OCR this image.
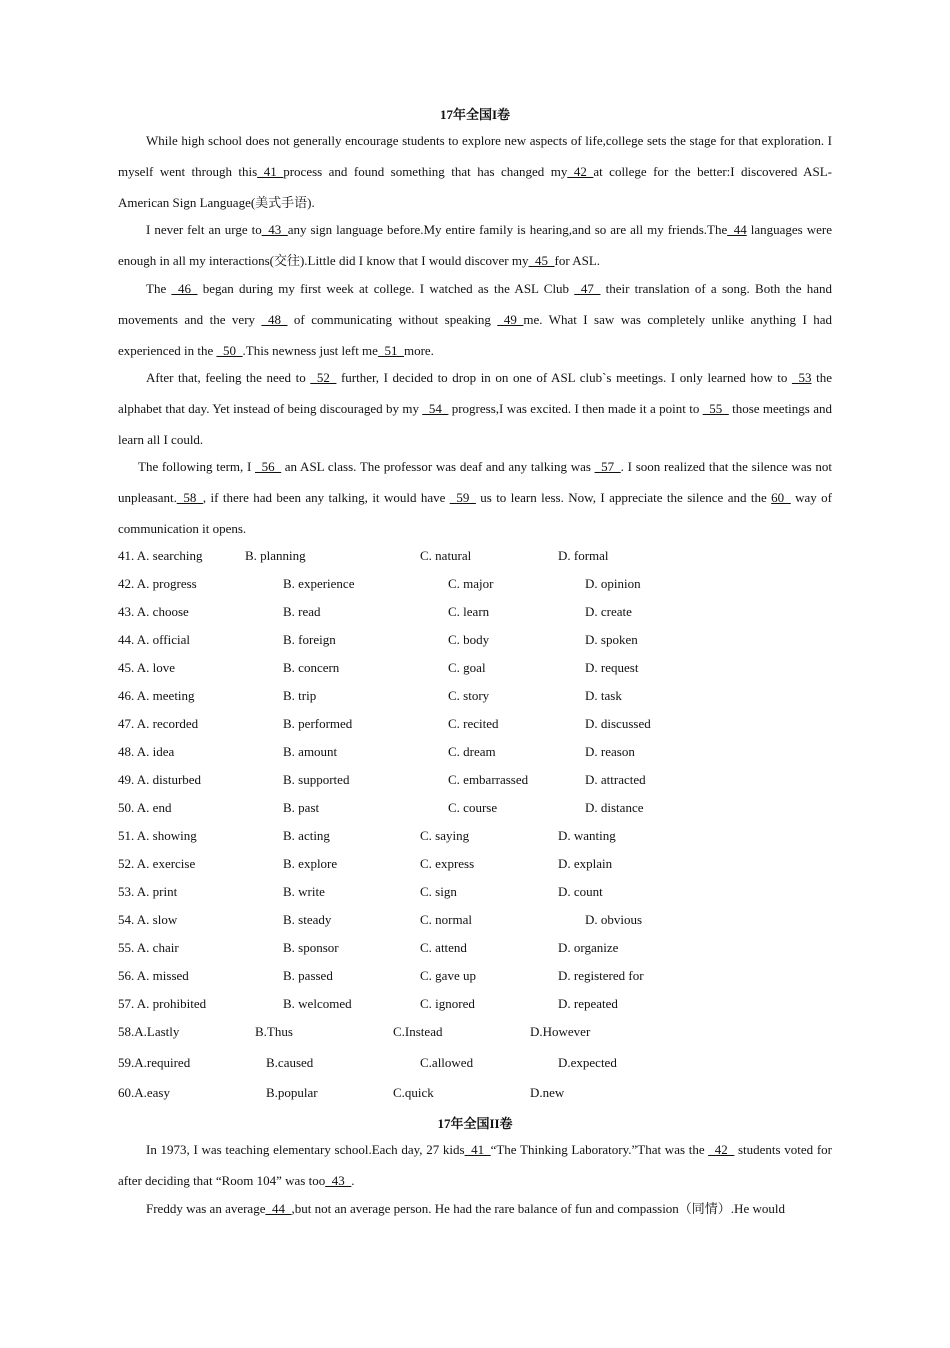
17年全国I卷
While high school does not generally encourage students to explore new aspects of life,college sets the stage for that exploration. I myself went through this_41_process and found something that has changed my_42_at college for the better:I discovered ASL-American Sign Language(美式手语).
I never felt an urge to_43_any sign language before.My entire family is hearing,and so are all my friends.The_44 languages were enough in all my interactions(交往).Little did I know that I would discover my_45_for ASL.
The _46_ began during my first week at college. I watched as the ASL Club _47_ their translation of a song. Both the hand movements and the very _48_ of communicating without speaking _49_me. What I saw was completely unlike anything I had experienced in the _50_.This newness just left me_51_more.
After that, feeling the need to _52_ further, I decided to drop in on one of ASL club`s meetings. I only learned how to _53 the alphabet that day. Yet instead of being discouraged by my _54_ progress,I was excited. I then made it a point to _55_ those meetings and learn all I could.
The following term, I _56_ an ASL class. The professor was deaf and any talking was _57_. I soon realized that the silence was not unpleasant._58_, if there had been any talking, it would have _59_ us to learn less. Now, I appreciate the silence and the 60_ way of communication it opens.
41. A. searching	B. planning	C. natural	D. formal
42. A. progress	B. experience	C. major	D. opinion
43. A. choose	B. read	C. learn	D. create
44. A. official	B. foreign	C. body	D. spoken
45. A. love	B. concern	C. goal	D. request
46. A. meeting	B. trip	C. story	D. task
47. A. recorded	B. performed	C. recited	D. discussed
48. A. idea	B. amount	C. dream	D. reason
49. A. disturbed	B. supported	C. embarrassed	D. attracted
50. A. end	B. past	C. course	D. distance
51. A. showing	B. acting	C. saying	D. wanting
52. A. exercise	B. explore	C. express	D. explain
53. A. print	B. write	C. sign	D. count
54. A. slow	B. steady	C. normal	D. obvious
55. A. chair	B. sponsor	C. attend	D. organize
56. A. missed	B. passed	C. gave up	D. registered for
57. A. prohibited	B. welcomed	C. ignored	D. repeated
58.A.Lastly	B.Thus	C.Instead	D.However
59.A.required	B.caused	C.allowed	D.expected
60.A.easy	B.popular	C.quick	D.new
17年全国II卷
In 1973, I was teaching elementary school.Each day, 27 kids_41_“The Thinking Laboratory.”That was the _42_ students voted for after deciding that “Room 104” was too_43_.
Freddy was an average_44_,but not an average person. He had the rare balance of fun and compassion（同情）.He would
